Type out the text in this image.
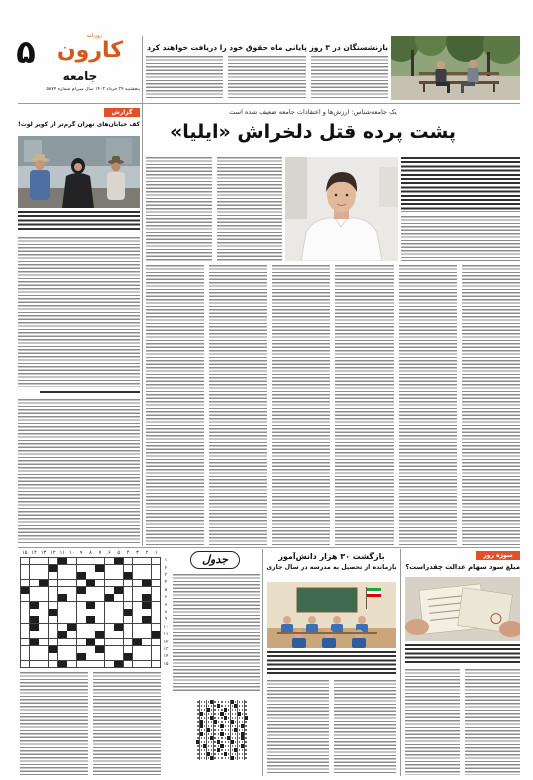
۵	روزنامه
کارون
جامعه
پنجشنبه ۲۴ خرداد ۱۴۰۲ سال سی‌ام شماره ۵۸۷۴
بازنشستگان در ۳ روز پایانی ماه حقوق خود را دریافت خواهند کرد
گزارش
کف خیابان‌های تهران گرم‌تر از کویر لوت!
یک جامعه‌شناس: ارزش‌ها و اعتقادات جامعه ضعیف شده است
پشت پرده قتل دلخراش «ایلیا»
سوژه روز
مبلغ سود سهام عدالت چقدراست؟
بازگشت ۳۰ هزار دانش‌آموز
بازمانده از تحصیل به مدرسه در سال جاری
۱
۲
۳
۴
۵
۶
۷
۸
۹
۱۰
۱۱
۱۲
۱۳
۱۴
۱۵
۱
۲
۳
۴
۵
۶
۷
۸
۹
۱۰
۱۱
۱۲
۱۳
۱۴
۱۵
جدول
